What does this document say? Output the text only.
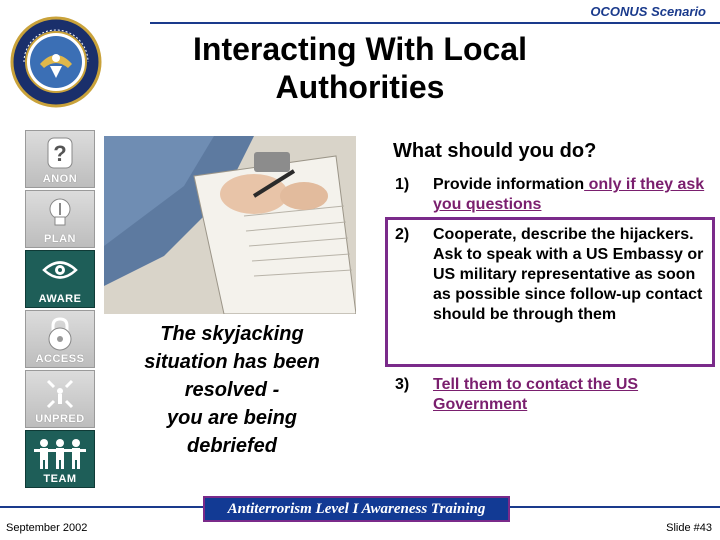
OCONUS Scenario
Interacting With Local
Authorities
?
ANON
PLAN
AWARE
ACCESS
UNPRED
TEAM
The skyjacking
situation has been
resolved -
you are being
debriefed
What should you do?
1) Provide information only if they ask you questions
2) Cooperate, describe the hijackers. Ask to speak with a US Embassy or US military representative as soon as possible since follow-up contact should be through them
3) Tell them to contact the US Government
Antiterrorism Level I Awareness Training
September 2002	Slide #43
